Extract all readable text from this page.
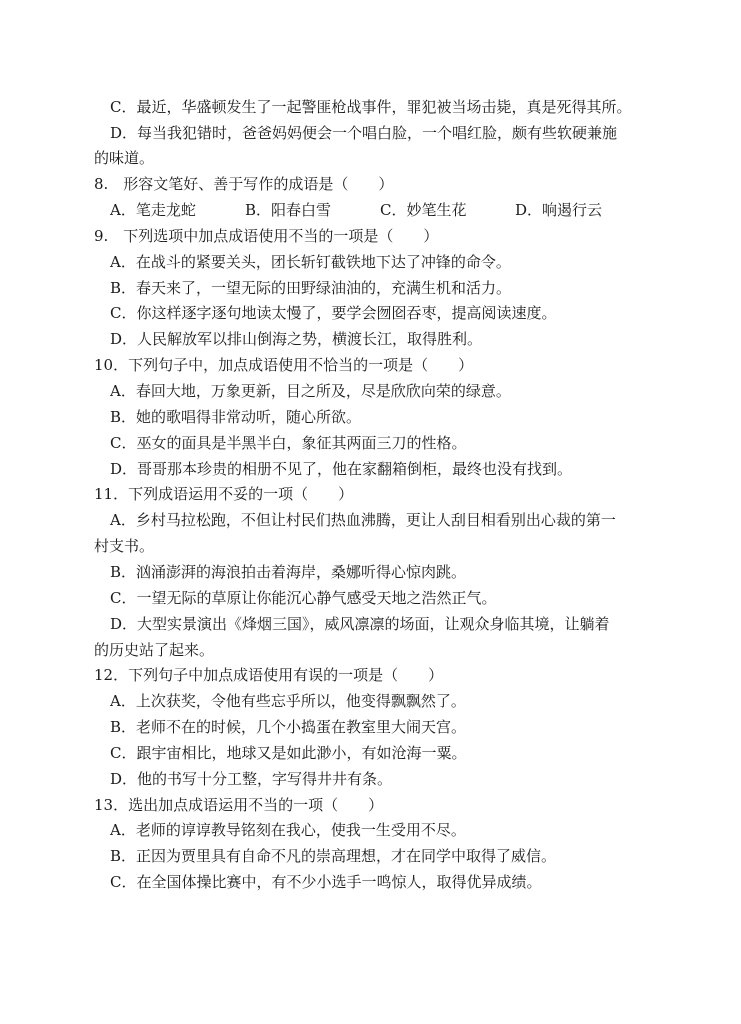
C．最近，华盛顿发生了一起警匪枪战事件，罪犯被当场击毙，真是死得其所。
D．每当我犯错时，爸爸妈妈便会一个唱白脸，一个唱红脸，颇有些软硬兼施
的味道。
8.　形容文笔好、善于写作的成语是（　　）
A．笔走龙蛇	B．阳春白雪	C．妙笔生花	D．响遏行云
9.　下列选项中加点成语使用不当的一项是（　　）
A．在战斗的紧要关头，团长斩钉截铁地下达了冲锋的命令。
B．春天来了，一望无际的田野绿油油的，充满生机和活力。
C．你这样逐字逐句地读太慢了，要学会囫囵吞枣，提高阅读速度。
D．人民解放军以排山倒海之势，横渡长江，取得胜利。
10．下列句子中，加点成语使用不恰当的一项是（　　）
A．春回大地，万象更新，目之所及，尽是欣欣向荣的绿意。
B．她的歌唱得非常动听，随心所欲。
C．巫女的面具是半黑半白，象征其两面三刀的性格。
D．哥哥那本珍贵的相册不见了，他在家翻箱倒柜，最终也没有找到。
11．下列成语运用不妥的一项（　　）
A．乡村马拉松跑，不但让村民们热血沸腾，更让人刮目相看别出心裁的第一
村支书。
B．汹涌澎湃的海浪拍击着海岸，桑娜听得心惊肉跳。
C．一望无际的草原让你能沉心静气感受天地之浩然正气。
D．大型实景演出《烽烟三国》，威风凛凛的场面，让观众身临其境，让躺着
的历史站了起来。
12．下列句子中加点成语使用有误的一项是（　　）
A．上次获奖，令他有些忘乎所以，他变得飘飘然了。
B．老师不在的时候，几个小捣蛋在教室里大闹天宫。
C．跟宇宙相比，地球又是如此渺小，有如沧海一粟。
D．他的书写十分工整，字写得井井有条。
13．选出加点成语运用不当的一项（　　）
A．老师的谆谆教导铭刻在我心，使我一生受用不尽。
B．正因为贾里具有自命不凡的崇高理想，才在同学中取得了威信。
C．在全国体操比赛中，有不少小选手一鸣惊人，取得优异成绩。
